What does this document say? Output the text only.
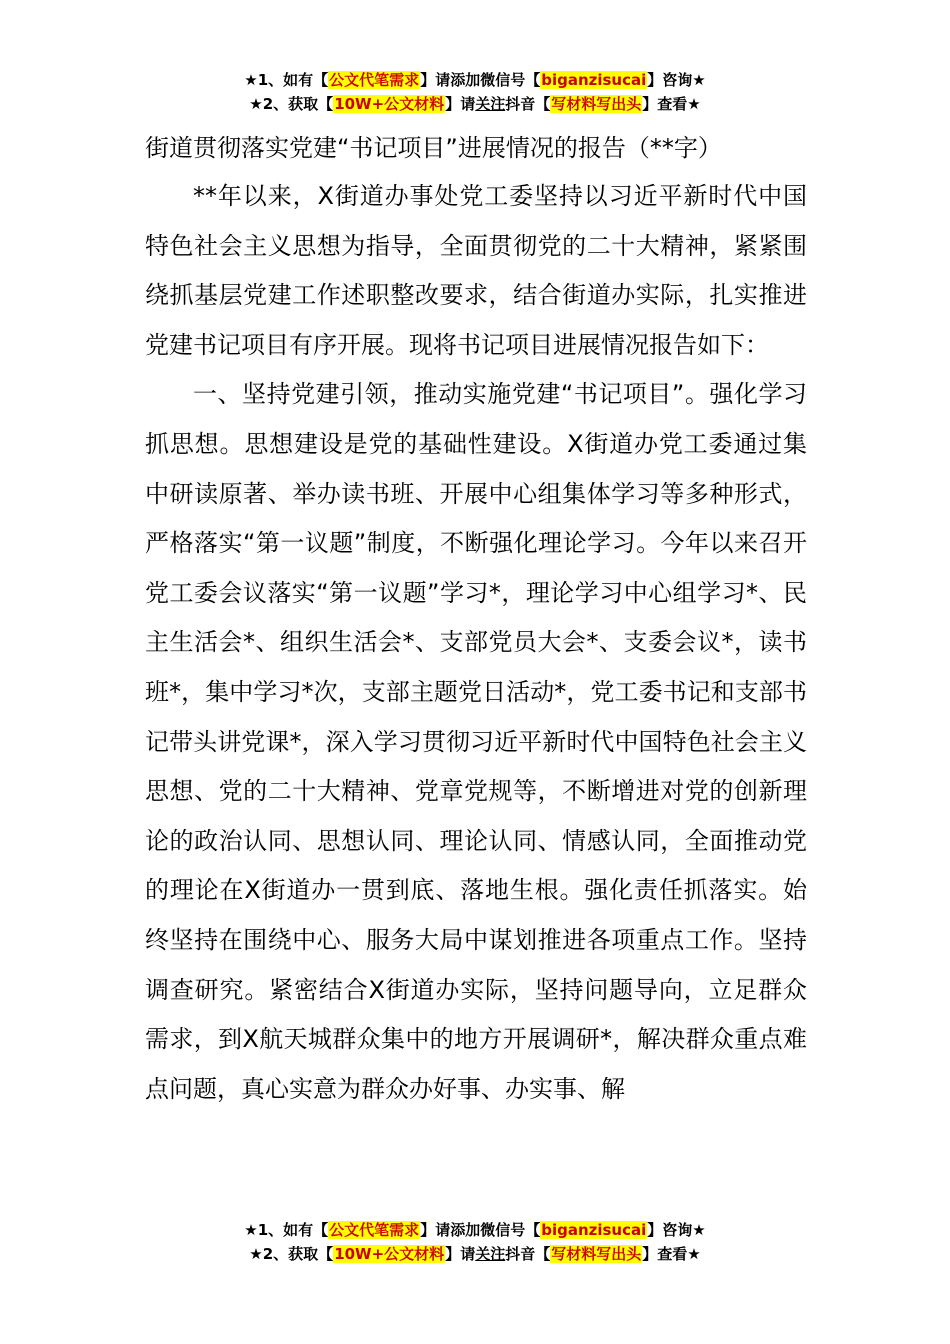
★1、如有【公文代笔需求】请添加微信号【biganzisucai】咨询★
★2、获取【10W+公文材料】请关注抖音【写材料写出头】查看★
街道贯彻落实党建“书记项目”进展情况的报告（**字）

**年以来，X街道办事处党工委坚持以习近平新时代中国特色社会主义思想为指导，全面贯彻党的二十大精神，紧紧围绕抓基层党建工作述职整改要求，结合街道办实际，扎实推进党建书记项目有序开展。现将书记项目进展情况报告如下：

一、坚持党建引领，推动实施党建“书记项目”。强化学习抓思想。思想建设是党的基础性建设。X街道办党工委通过集中研读原著、举办读书班、开展中心组集体学习等多种形式，严格落实“第一议题”制度，不断强化理论学习。今年以来召开党工委会议落实“第一议题”学习*，理论学习中心组学习*、民主生活会*、组织生活会*、支部党员大会*、支委会议*，读书班*，集中学习*次，支部主题党日活动*，党工委书记和支部书记带头讲党课*，深入学习贯彻习近平新时代中国特色社会主义思想、党的二十大精神、党章党规等，不断增进对党的创新理论的政治认同、思想认同、理论认同、情感认同，全面推动党的理论在X街道办一贯到底、落地生根。强化责任抓落实。始终坚持在围绕中心、服务大局中谋划推进各项重点工作。坚持调查研究。紧密结合X街道办实际，坚持问题导向，立足群众需求，到X航天城群众集中的地方开展调研*，解决群众重点难点问题，真心实意为群众办好事、办实事、解

★1、如有【公文代笔需求】请添加微信号【biganzisucai】咨询★
★2、获取【10W+公文材料】请关注抖音【写材料写出头】查看★
